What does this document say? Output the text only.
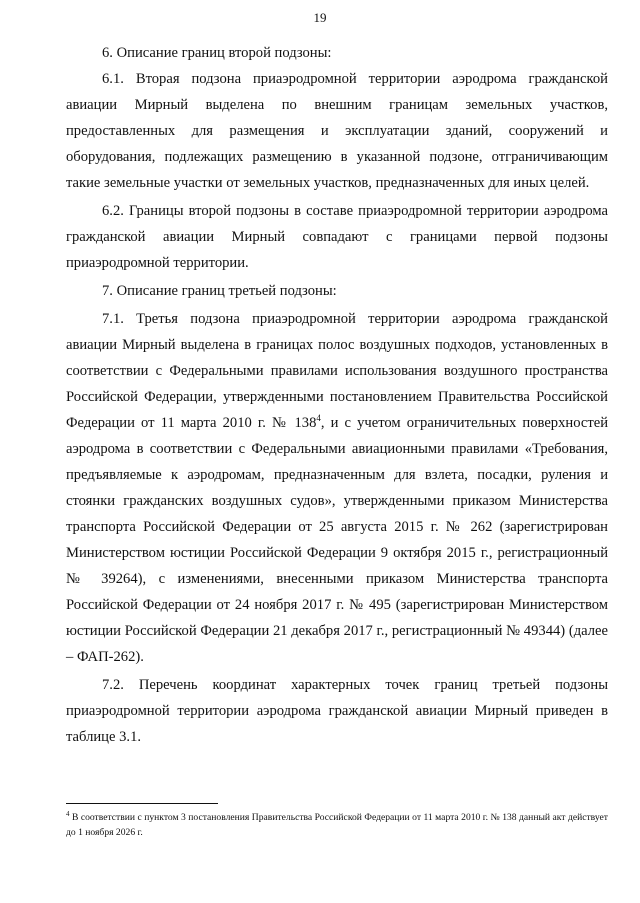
19

6. Описание границ второй подзоны:

6.1. Вторая подзона приаэродромной территории аэродрома гражданской авиации Мирный выделена по внешним границам земельных участков, предоставленных для размещения и эксплуатации зданий, сооружений и оборудования, подлежащих размещению в указанной подзоне, отграничивающим такие земельные участки от земельных участков, предназначенных для иных целей.

6.2. Границы второй подзоны в составе приаэродромной территории аэродрома гражданской авиации Мирный совпадают с границами первой подзоны приаэродромной территории.

7. Описание границ третьей подзоны:

7.1. Третья подзона приаэродромной территории аэродрома гражданской авиации Мирный выделена в границах полос воздушных подходов, установленных в соответствии с Федеральными правилами использования воздушного пространства Российской Федерации, утвержденными постановлением Правительства Российской Федерации от 11 марта 2010 г. № $138^4$, и с учетом ограничительных поверхностей аэродрома в соответствии с Федеральными авиационными правилами «Требования, предъявляемые к аэродромам, предназначенным для взлета, посадки, руления и стоянки гражданских воздушных судов», утвержденными приказом Министерства транспорта Российской Федерации от 25 августа 2015 г. № 262 (зарегистрирован Министерством юстиции Российской Федерации 9 октября 2015 г., регистрационный № 39264), с изменениями, внесенными приказом Министерства транспорта Российской Федерации от 24 ноября 2017 г. № 495 (зарегистрирован Министерством юстиции Российской Федерации 21 декабря 2017 г., регистрационный № 49344) (далее – ФАП-262).

7.2. Перечень координат характерных точек границ третьей подзоны приаэродромной территории аэродрома гражданской авиации Мирный приведен в таблице 3.1.

$^4$ В соответствии с пунктом 3 постановления Правительства Российской Федерации от 11 марта 2010 г. № 138 данный акт действует до 1 ноября 2026 г.
